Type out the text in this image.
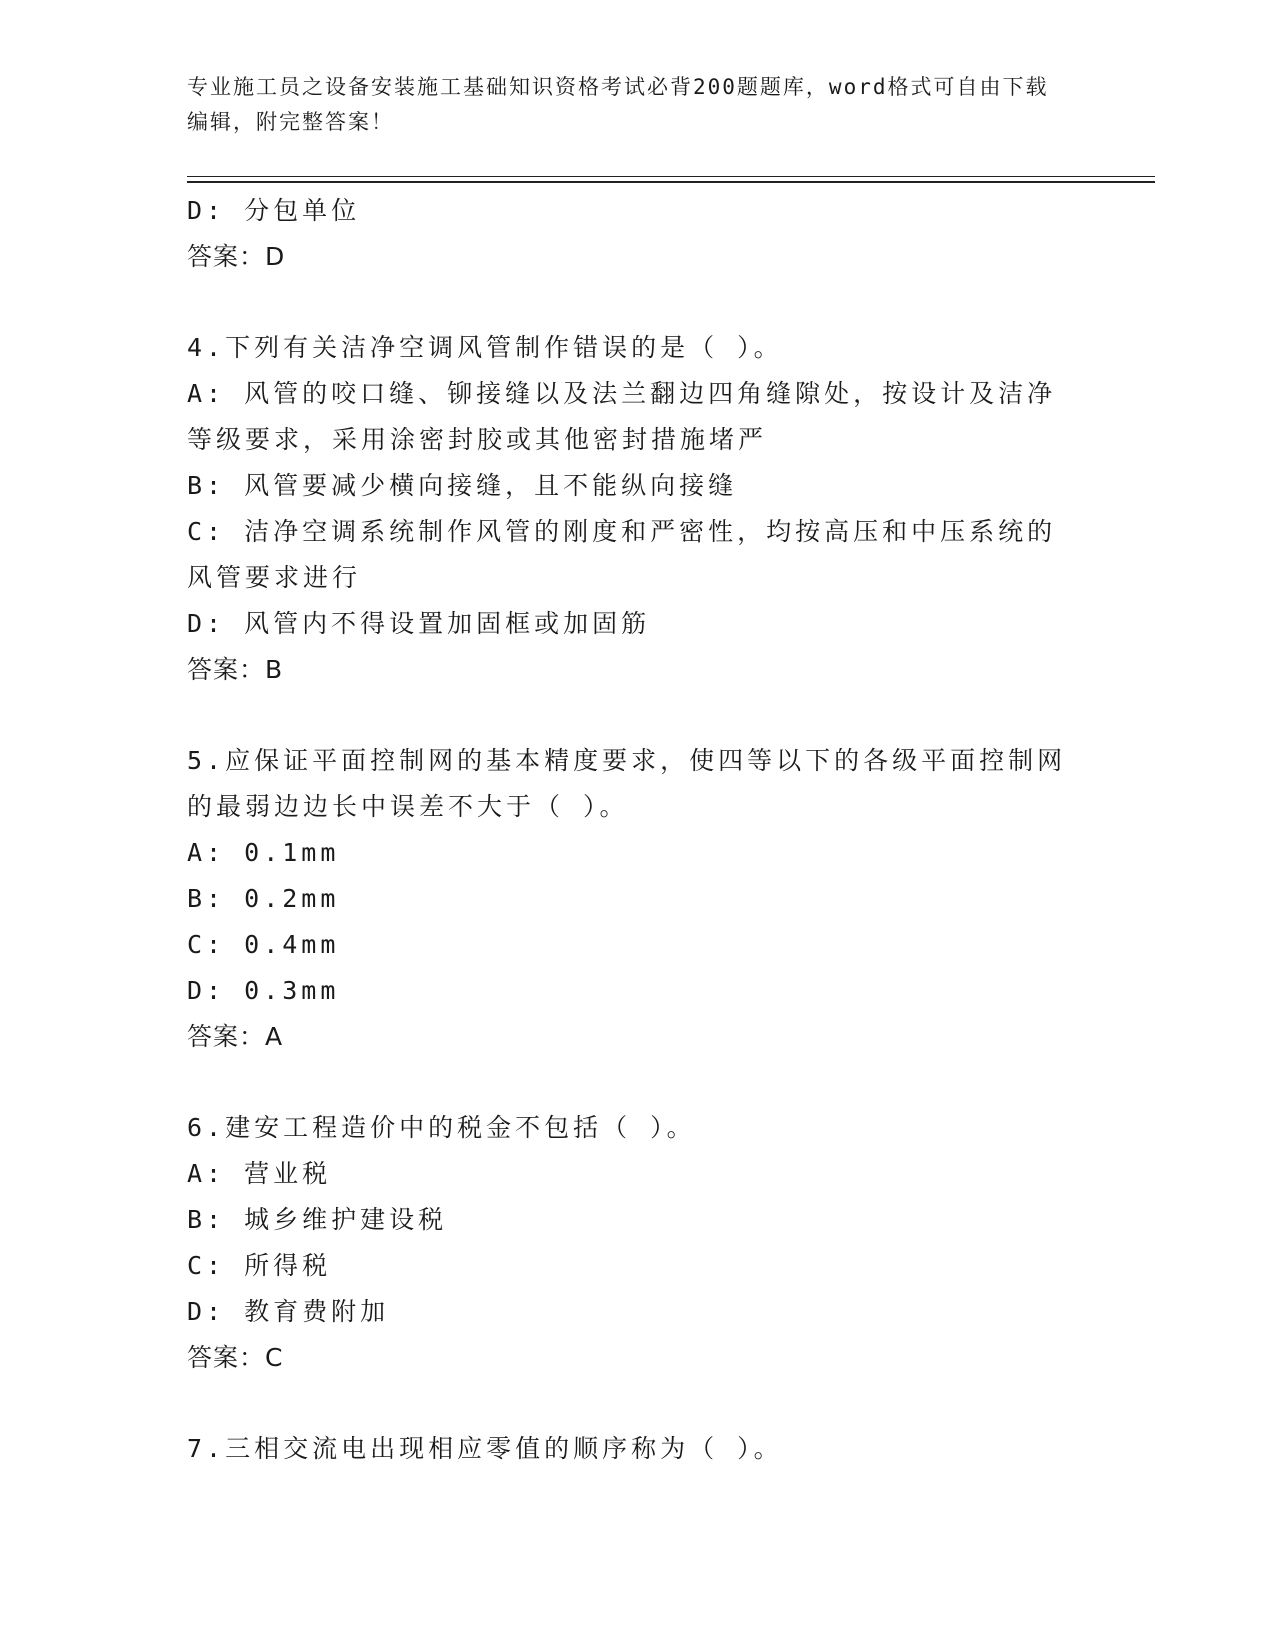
专业施工员之设备安装施工基础知识资格考试必背200题题库，word格式可自由下载编辑，附完整答案！
D: 分包单位
答案：D
4.下列有关洁净空调风管制作错误的是（ ）。
A: 风管的咬口缝、铆接缝以及法兰翻边四角缝隙处，按设计及洁净等级要求，采用涂密封胶或其他密封措施堵严
B: 风管要减少横向接缝，且不能纵向接缝
C: 洁净空调系统制作风管的刚度和严密性，均按高压和中压系统的风管要求进行
D: 风管内不得设置加固框或加固筋
答案：B
5.应保证平面控制网的基本精度要求，使四等以下的各级平面控制网的最弱边边长中误差不大于（ ）。
A: 0.1mm
B: 0.2mm
C: 0.4mm
D: 0.3mm
答案：A
6.建安工程造价中的税金不包括（ ）。
A: 营业税
B: 城乡维护建设税
C: 所得税
D: 教育费附加
答案：C
7.三相交流电出现相应零值的顺序称为（ ）。
